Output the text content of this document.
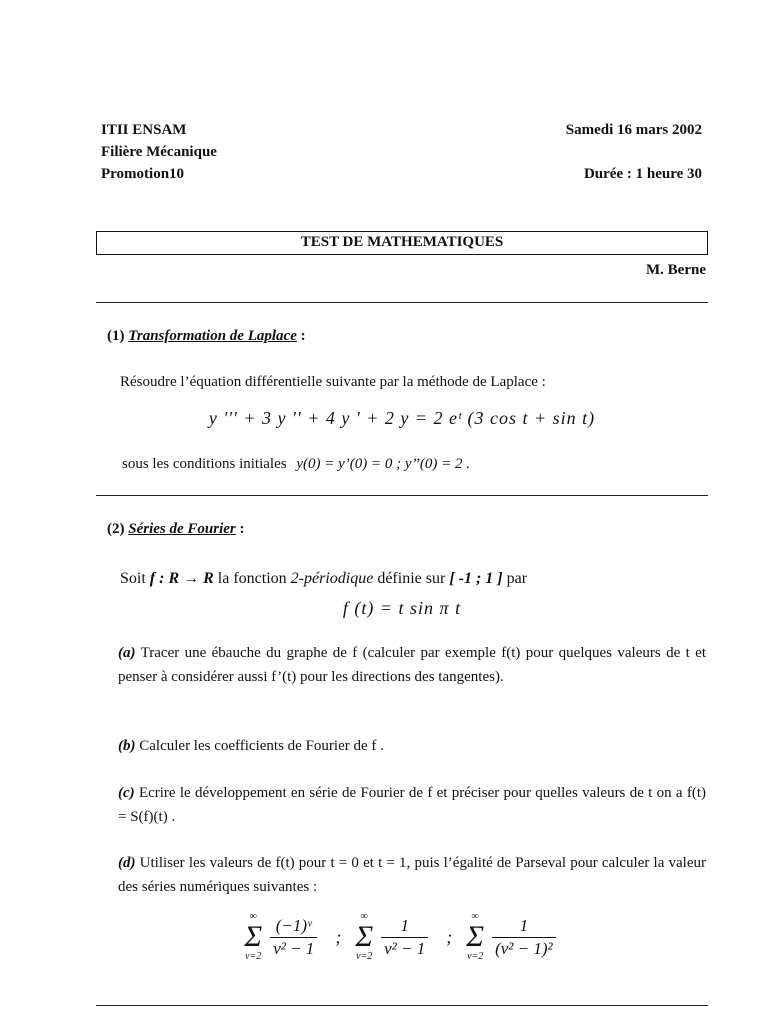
ITII ENSAM
Filière Mécanique
Promotion10
Samedi 16 mars 2002
Durée : 1 heure 30
TEST DE MATHEMATIQUES
M. Berne
(1) Transformation de Laplace :
Résoudre l’équation différentielle suivante par la méthode de Laplace :
y ''' + 3 y '' + 4 y ' + 2 y = 2 eᵗ (3 cos t + sin t)
sous les conditions initiales y(0) = y’(0) = 0 ; y’’(0) = 2 .
(2) Séries de Fourier :
Soit f : R → R la fonction 2-périodique définie sur [ -1 ; 1 ] par
f (t) = t sin π t
(a) Tracer une ébauche du graphe de f (calculer par exemple f(t) pour quelques valeurs de t et penser à considérer aussi f’(t) pour les directions des tangentes).
(b) Calculer les coefficients de Fourier de f .
(c) Ecrire le développement en série de Fourier de f et préciser pour quelles valeurs de t on a f(t) = S(f)(t) .
(d) Utiliser les valeurs de f(t) pour t = 0 et t = 1, puis l’égalité de Parseval pour calculer la valeur des séries numériques suivantes :
∞
Σ
$\nu=2 \frac{\text{(−1)ᵛ}}{\text{ν² − 1}}$ ; ∞
Σ
$\nu=2 \frac{1}{\text{ν² − 1}}$ ; ∞
Σ
$\nu=2 \frac{1}{\text{(ν² − 1)²}}$
